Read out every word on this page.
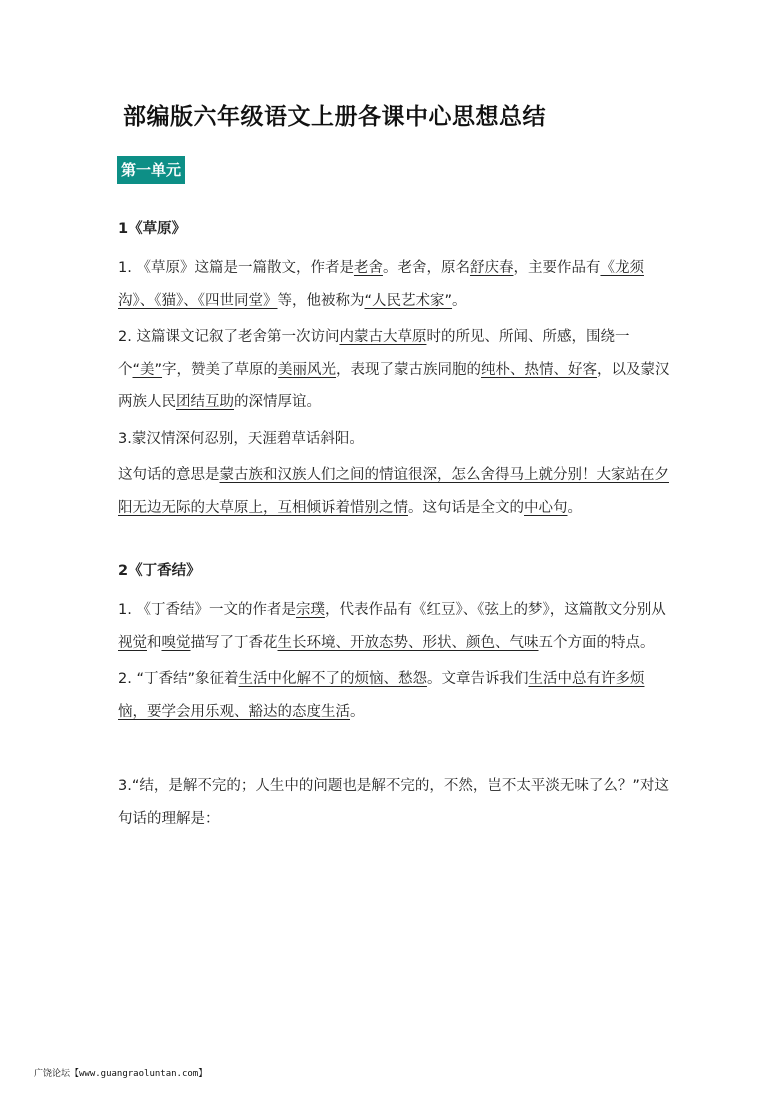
部编版六年级语文上册各课中心思想总结
第一单元
1《草原》

1. 《草原》这篇是一篇散文，作者是老舍。老舍，原名舒庆春，主要作品有《龙须沟》、《猫》、《四世同堂》等，他被称为“人民艺术家”。

2. 这篇课文记叙了老舍第一次访问内蒙古大草原时的所见、所闻、所感，围绕一个“美”字，赞美了草原的美丽风光，表现了蒙古族同胞的纯朴、热情、好客，以及蒙汉两族人民团结互助的深情厚谊。

3.蒙汉情深何忍别，天涯碧草话斜阳。

这句话的意思是蒙古族和汉族人们之间的情谊很深，怎么舍得马上就分别！大家站在夕阳无边无际的大草原上，互相倾诉着惜别之情。这句话是全文的中心句。

2《丁香结》

1. 《丁香结》一文的作者是宗璞，代表作品有《红豆》、《弦上的梦》，这篇散文分别从视觉和嗅觉描写了丁香花生长环境、开放态势、形状、颜色、气味五个方面的特点。

2. “丁香结”象征着生活中化解不了的烦恼、愁怨。文章告诉我们生活中总有许多烦恼，要学会用乐观、豁达的态度生活。

3.“结，是解不完的；人生中的问题也是解不完的，不然，岂不太平淡无味了么？”对这句话的理解是：

广饶论坛【www.guangraoluntan.com】
